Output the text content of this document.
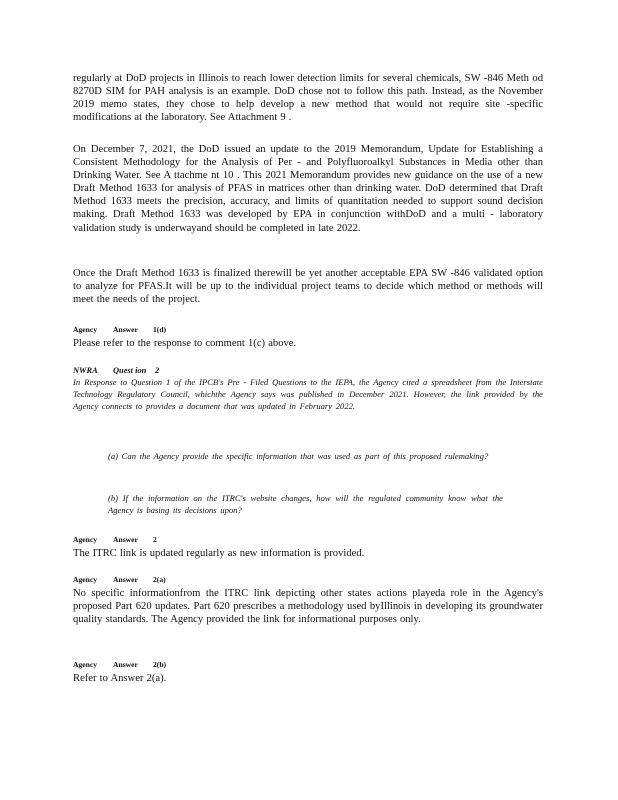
regularly at DoD projects in Illinois to reach lower detection limits for several chemicals, SW -846 Meth od 8270D SIM for PAH analysis is an example. DoD chose not to follow this path. Instead, as the November 2019 memo states, they chose to help develop a new method that would not require site -specific modifications at the laboratory. See Attachment 9 .

On December 7, 2021, the DoD issued an update to the 2019 Memorandum, Update for Establishing a Consistent Methodology for the Analysis of Per - and Polyfluoroalkyl Substances in Media other than Drinking Water. See A ttachme nt 10 . This 2021 Memorandum provides new guidance on the use of a new Draft Method 1633 for analysis of PFAS in matrices other than drinking water. DoD determined that Draft Method 1633 meets the precision, accuracy, and limits of quantitation needed to support sound decision making. Draft Method 1633 was developed by EPA in conjunction withDoD and a multi - laboratory validation study is underwayand should be completed in late 2022.

Once the Draft Method 1633 is finalized therewill be yet another acceptable EPA SW -846 validated option to analyze for PFAS.It will be up to the individual project teams to decide which method or methods will meet the needs of the project.

Agency Answer 1(d)

Please refer to the response to comment 1(c) above.

NWRA Quest ion 2

In Response to Question 1 of the IPCB's Pre - Filed Questions to the IEPA, the Agency cited a spreadsheet from the Interstate Technology Regulatory Council, whichthe Agency says was published in December 2021. However, the link provided by the Agency connects to provides a document that was updated in February 2022.

(a) Can the Agency provide the specific information that was used as part of this proposed rulemaking?

(b) If the information on the ITRC's website changes, how will the regulated community know what the Agency is basing its decisions upon?

Agency Answer 2

The ITRC link is updated regularly as new information is provided.

Agency Answer 2(a)

No specific informationfrom the ITRC link depicting other states actions playeda role in the Agency's proposed Part 620 updates. Part 620 prescribes a methodology used byIllinois in developing its groundwater quality standards. The Agency provided the link for informational purposes only.

Agency Answer 2(b)

Refer to Answer 2(a).
